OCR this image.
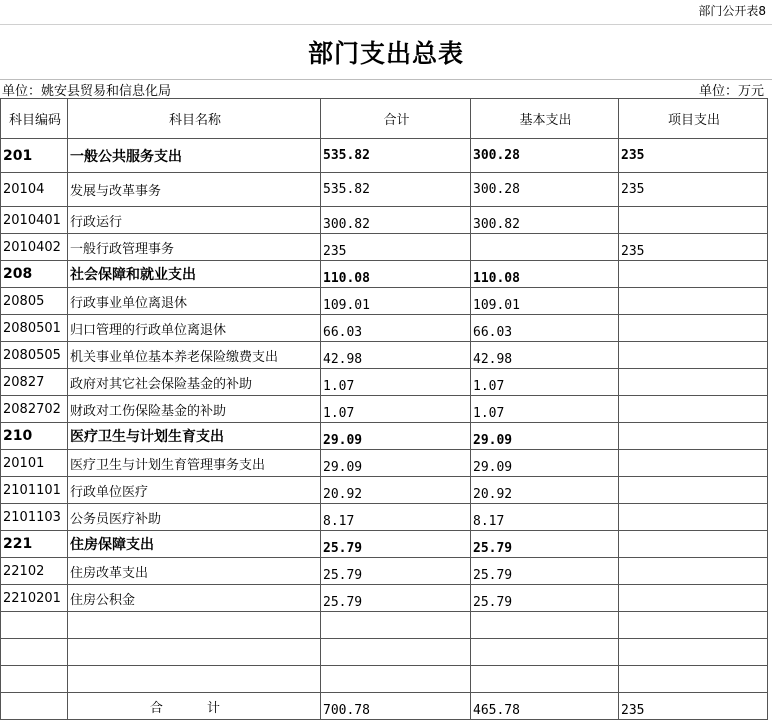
部门公开表8
部门支出总表
单位：姚安县贸易和信息化局	单位：万元
科目编码	科目名称	合计	基本支出	项目支出
201	一般公共服务支出	535.82	300.28	235
20104	发展与改革事务	535.82	300.28	235
2010401	行政运行	300.82	300.82	
2010402	一般行政管理事务	235		235
208	社会保障和就业支出	110.08	110.08	
20805	行政事业单位离退休	109.01	109.01	
2080501	归口管理的行政单位离退休	66.03	66.03	
2080505	机关事业单位基本养老保险缴费支出	42.98	42.98	
20827	政府对其它社会保险基金的补助	1.07	1.07	
2082702	财政对工伤保险基金的补助	1.07	1.07	
210	医疗卫生与计划生育支出	29.09	29.09	
20101	医疗卫生与计划生育管理事务支出	29.09	29.09	
2101101	行政单位医疗	20.92	20.92	
2101103	公务员医疗补助	8.17	8.17	
221	住房保障支出	25.79	25.79	
22102	住房改革支出	25.79	25.79	
2210201	住房公积金	25.79	25.79	

	合 计	700.78	465.78	235
